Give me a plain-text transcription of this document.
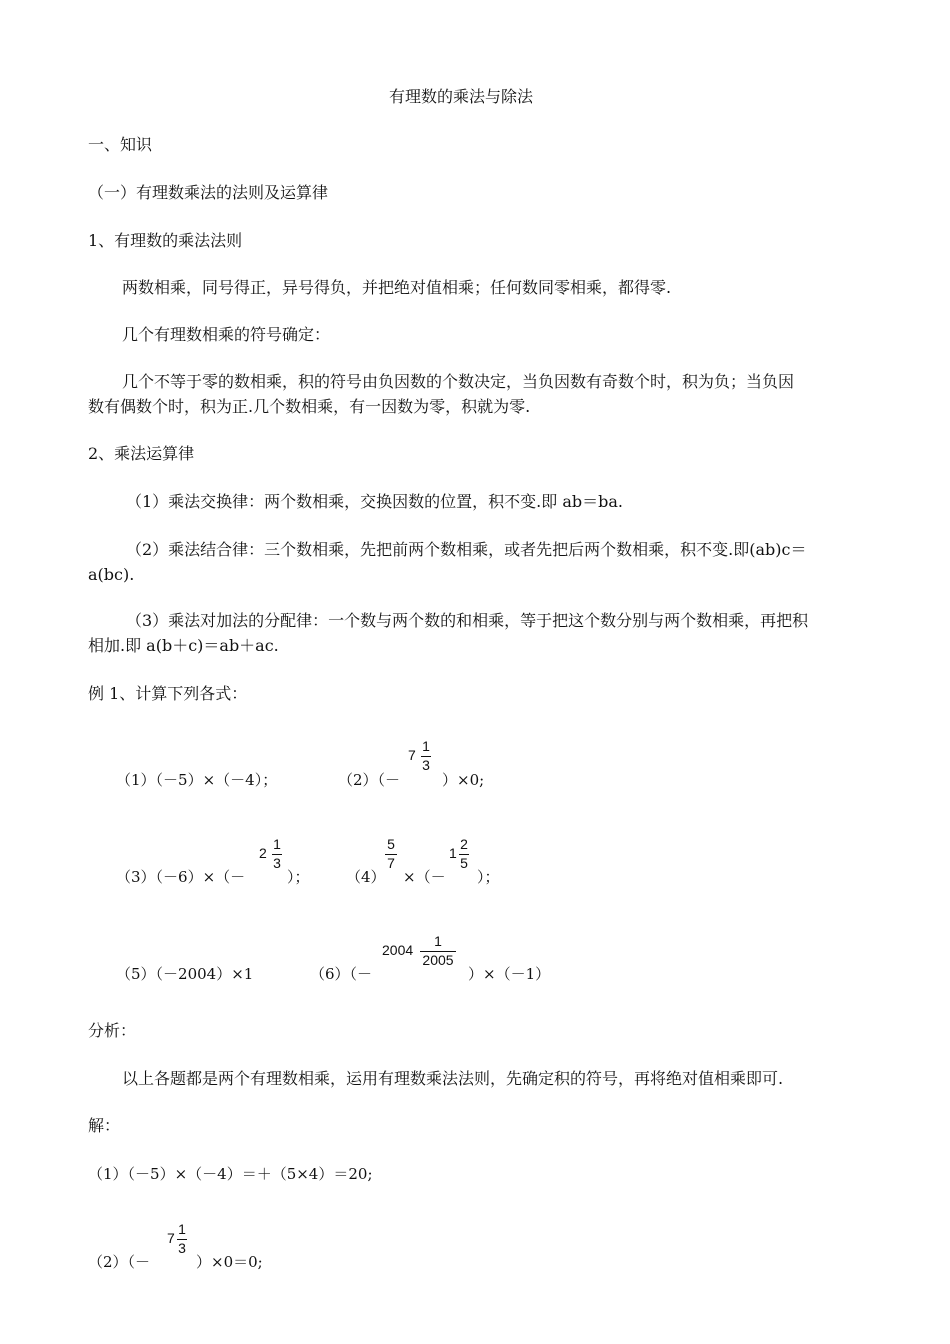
有理数的乘法与除法
一、知识
（一）有理数乘法的法则及运算律
1、有理数的乘法法则
两数相乘，同号得正，异号得负，并把绝对值相乘；任何数同零相乘，都得零.
几个有理数相乘的符号确定：
几个不等于零的数相乘，积的符号由负因数的个数决定，当负因数有奇数个时，积为负；当负因
数有偶数个时，积为正.几个数相乘，有一因数为零，积就为零.
2、乘法运算律
（1）乘法交换律：两个数相乘，交换因数的位置，积不变.即 ab＝ba.
（2）乘法结合律：三个数相乘，先把前两个数相乘，或者先把后两个数相乘，积不变.即(ab)c＝
a(bc).
（3）乘法对加法的分配律：一个数与两个数的和相乘，等于把这个数分别与两个数相乘，再把积
相加.即 a(b＋c)＝ab＋ac.
例 1、计算下列各式：
（1）（－5）×（－4）；	（2）（－
7
1
3
）×0;
（3）（－6）×（－
2
1
3
）； （4）
5
7
×（－
1
2
5
）；
（5）（－2004）×1	（6）（－
2004
1
2005
）×（－1）
分析：
以上各题都是两个有理数相乘，运用有理数乘法法则，先确定积的符号，再将绝对值相乘即可.
解：
（1）（－5）×（－4）＝＋（5×4）＝20;
（2）（－
7
1
3
）×0＝0;
